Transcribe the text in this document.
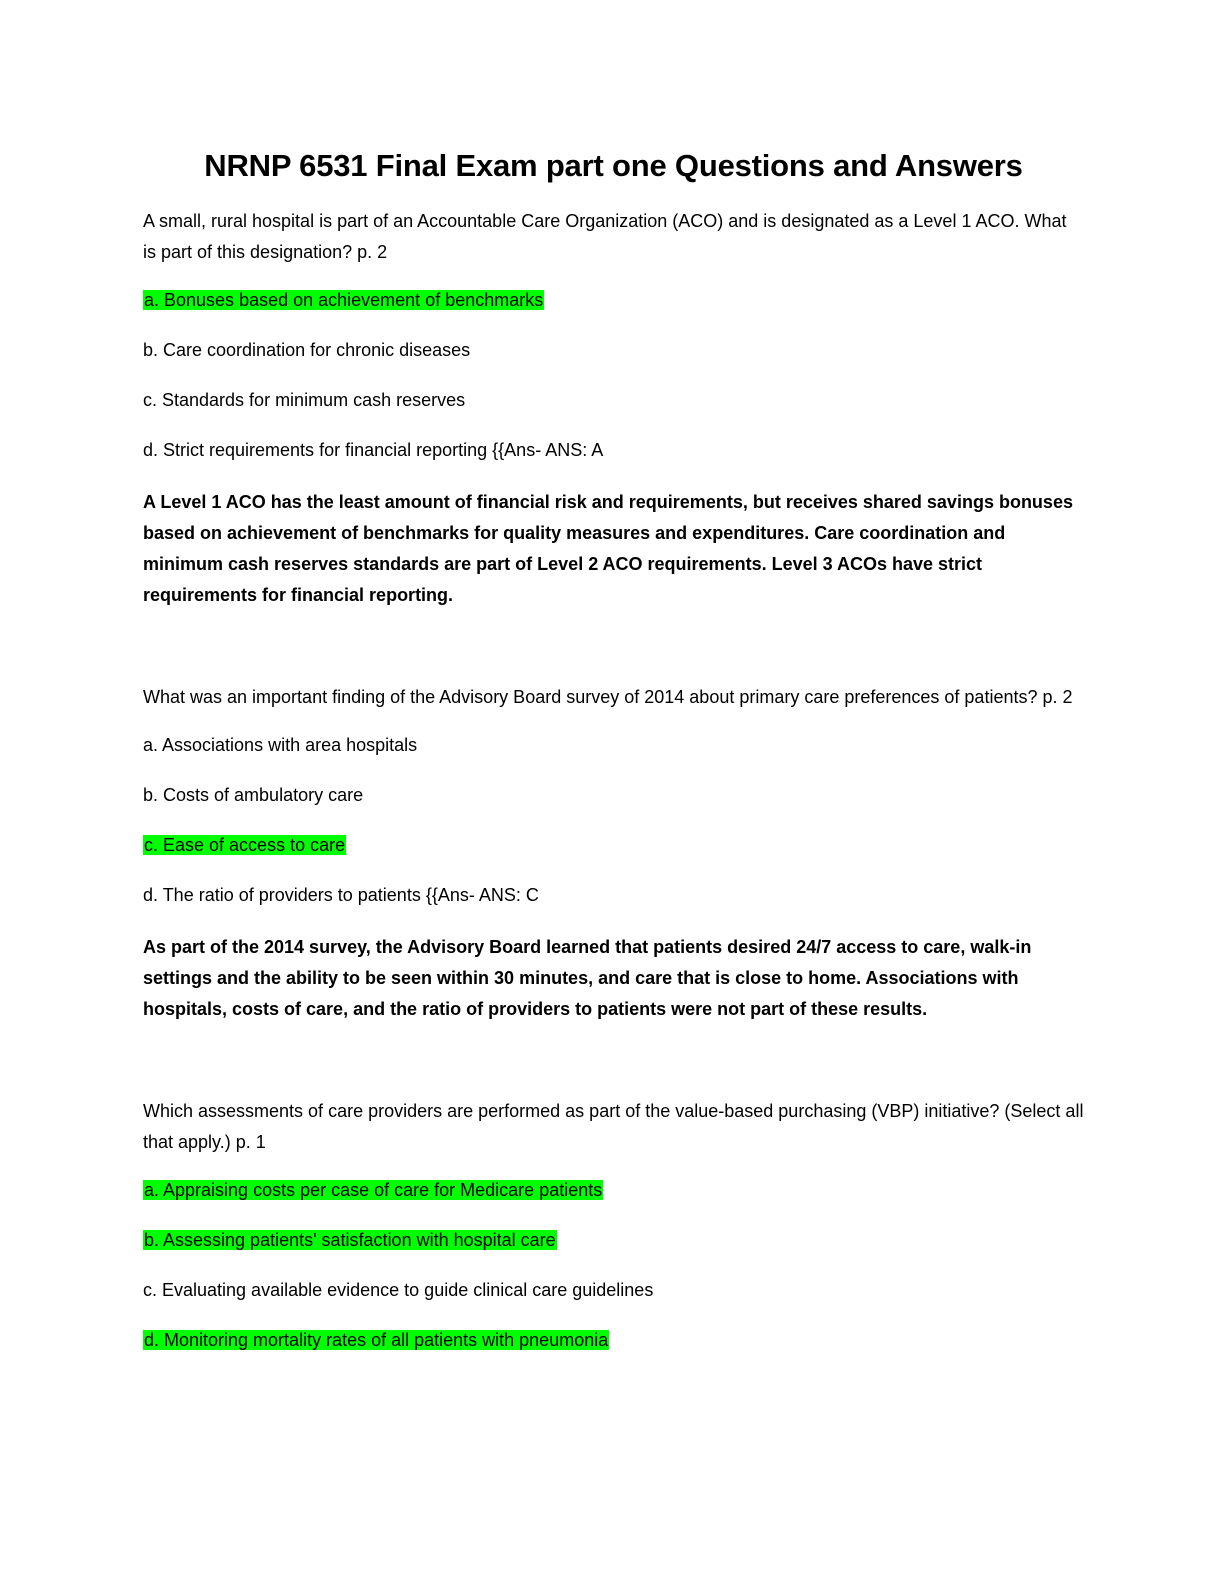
NRNP 6531 Final Exam part one Questions and Answers

A small, rural hospital is part of an Accountable Care Organization (ACO) and is designated as a Level 1 ACO. What is part of this designation? p. 2

a. Bonuses based on achievement of benchmarks

b. Care coordination for chronic diseases

c. Standards for minimum cash reserves

d. Strict requirements for financial reporting {{Ans- ANS: A

A Level 1 ACO has the least amount of financial risk and requirements, but receives shared savings bonuses based on achievement of benchmarks for quality measures and expenditures. Care coordination and minimum cash reserves standards are part of Level 2 ACO requirements. Level 3 ACOs have strict requirements for financial reporting.

What was an important finding of the Advisory Board survey of 2014 about primary care preferences of patients? p. 2

a. Associations with area hospitals

b. Costs of ambulatory care

c. Ease of access to care

d. The ratio of providers to patients {{Ans- ANS: C

As part of the 2014 survey, the Advisory Board learned that patients desired 24/7 access to care, walk-in settings and the ability to be seen within 30 minutes, and care that is close to home. Associations with hospitals, costs of care, and the ratio of providers to patients were not part of these results.

Which assessments of care providers are performed as part of the value-based purchasing (VBP) initiative? (Select all that apply.) p. 1

a. Appraising costs per case of care for Medicare patients

b. Assessing patients' satisfaction with hospital care

c. Evaluating available evidence to guide clinical care guidelines

d. Monitoring mortality rates of all patients with pneumonia
